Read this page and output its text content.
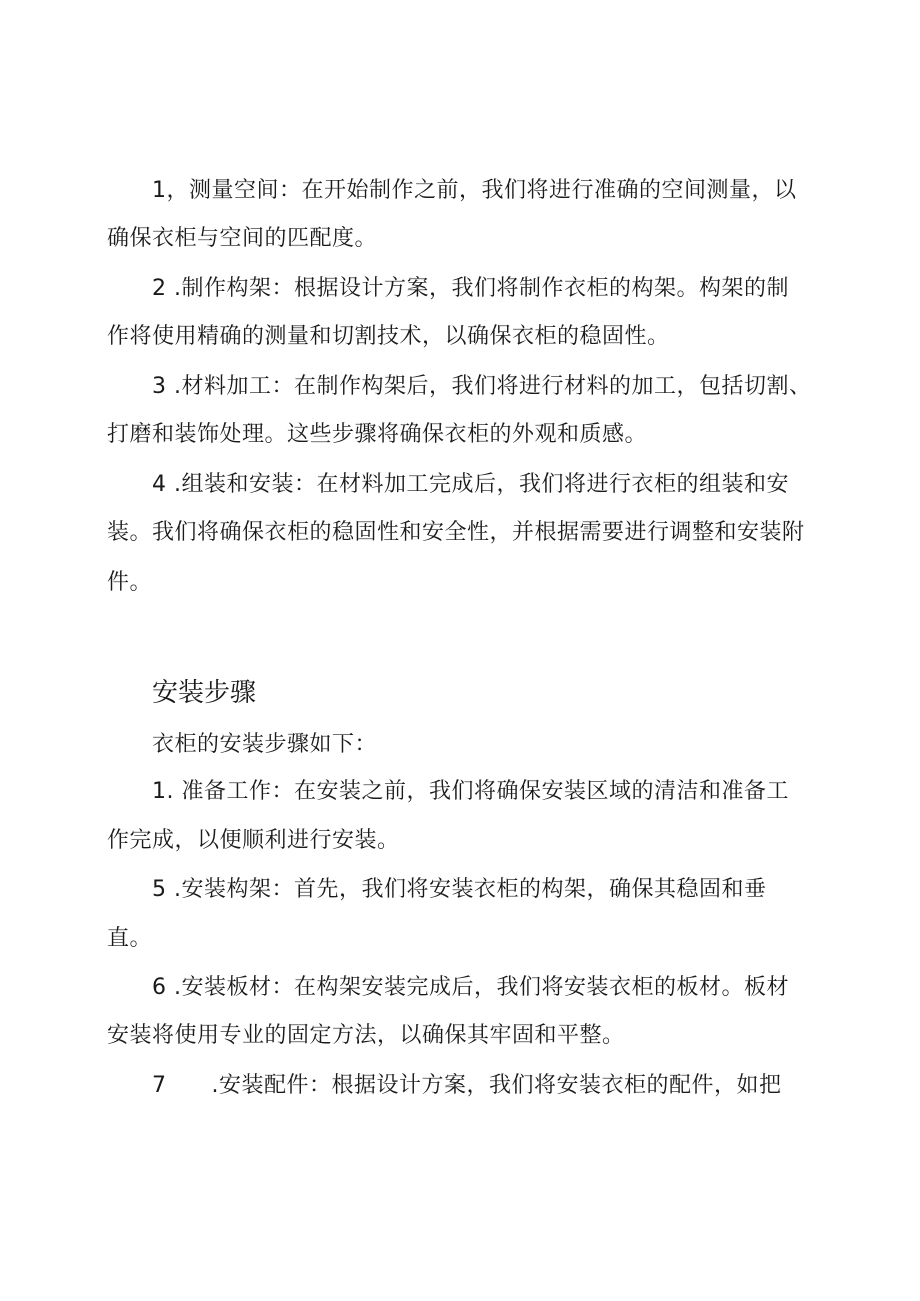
1，测量空间：在开始制作之前，我们将进行准确的空间测量，以
确保衣柜与空间的匹配度。
2 .制作构架：根据设计方案，我们将制作衣柜的构架。构架的制
作将使用精确的测量和切割技术，以确保衣柜的稳固性。
3 .材料加工：在制作构架后，我们将进行材料的加工，包括切割、
打磨和装饰处理。这些步骤将确保衣柜的外观和质感。
4 .组装和安装：在材料加工完成后，我们将进行衣柜的组装和安
装。我们将确保衣柜的稳固性和安全性，并根据需要进行调整和安装附
件。
安装步骤
衣柜的安装步骤如下：
1. 准备工作：在安装之前，我们将确保安装区域的清洁和准备工
作完成，以便顺利进行安装。
5 .安装构架：首先，我们将安装衣柜的构架，确保其稳固和垂
直。
6 .安装板材：在构架安装完成后，我们将安装衣柜的板材。板材
安装将使用专业的固定方法，以确保其牢固和平整。
7　　.安装配件：根据设计方案，我们将安装衣柜的配件，如把
